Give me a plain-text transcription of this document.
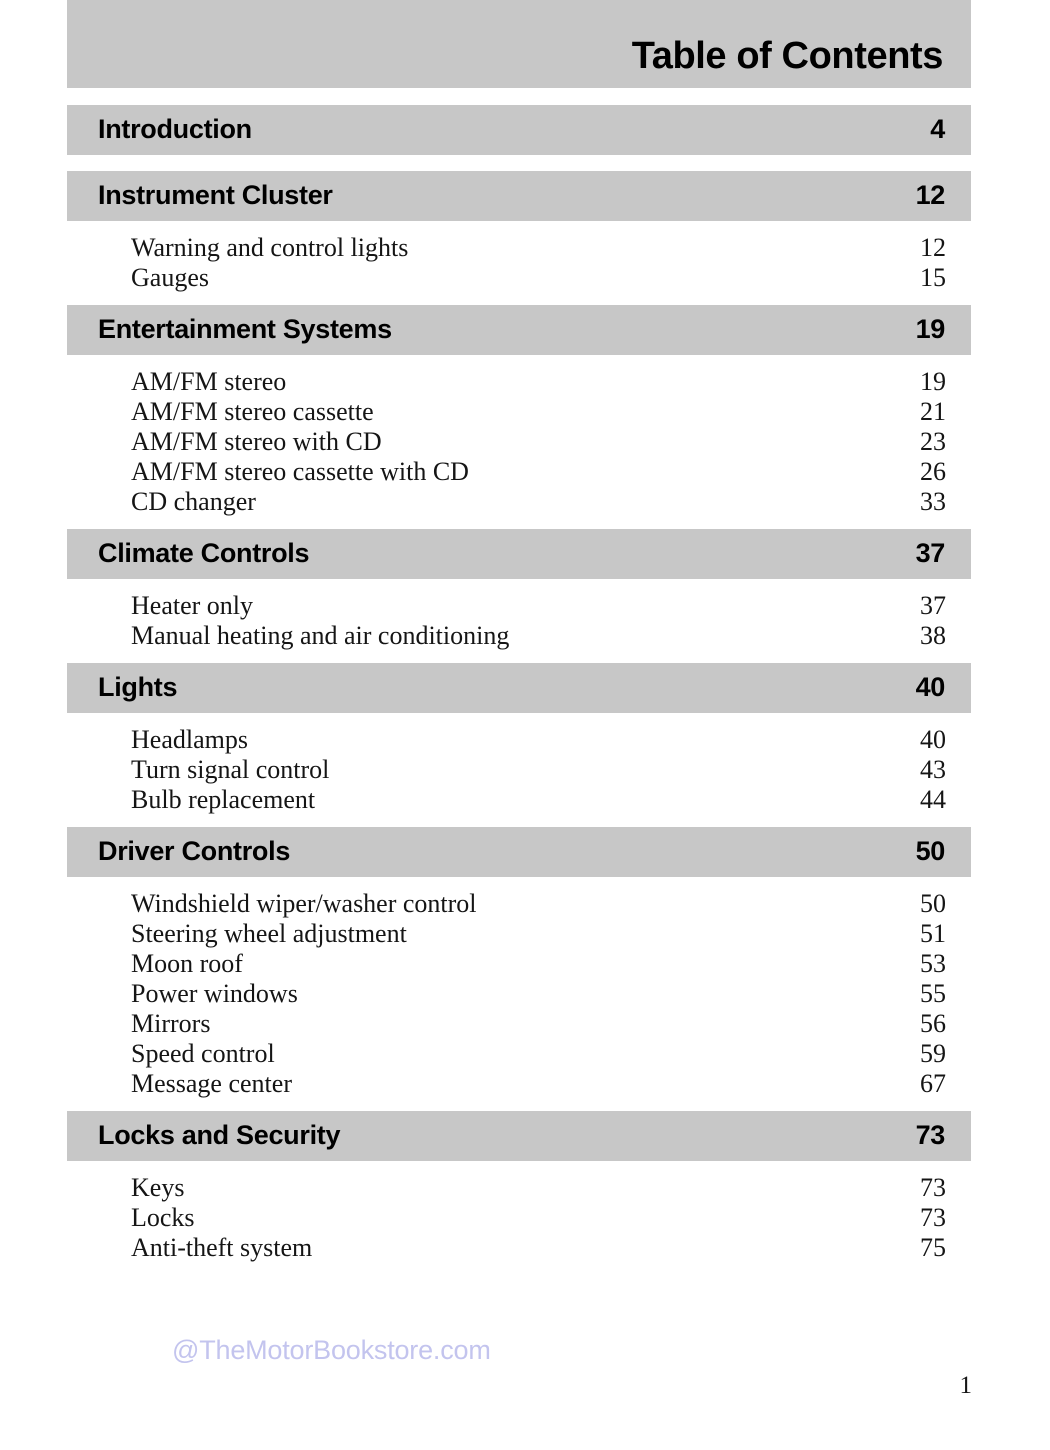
Table of Contents
Introduction	4
Instrument Cluster	12
Warning and control lights	12
Gauges	15
Entertainment Systems	19
AM/FM stereo	19
AM/FM stereo cassette	21
AM/FM stereo with CD	23
AM/FM stereo cassette with CD	26
CD changer	33
Climate Controls	37
Heater only	37
Manual heating and air conditioning	38
Lights	40
Headlamps	40
Turn signal control	43
Bulb replacement	44
Driver Controls	50
Windshield wiper/washer control	50
Steering wheel adjustment	51
Moon roof	53
Power windows	55
Mirrors	56
Speed control	59
Message center	67
Locks and Security	73
Keys	73
Locks	73
Anti-theft system	75
@TheMotorBookstore.com
1
